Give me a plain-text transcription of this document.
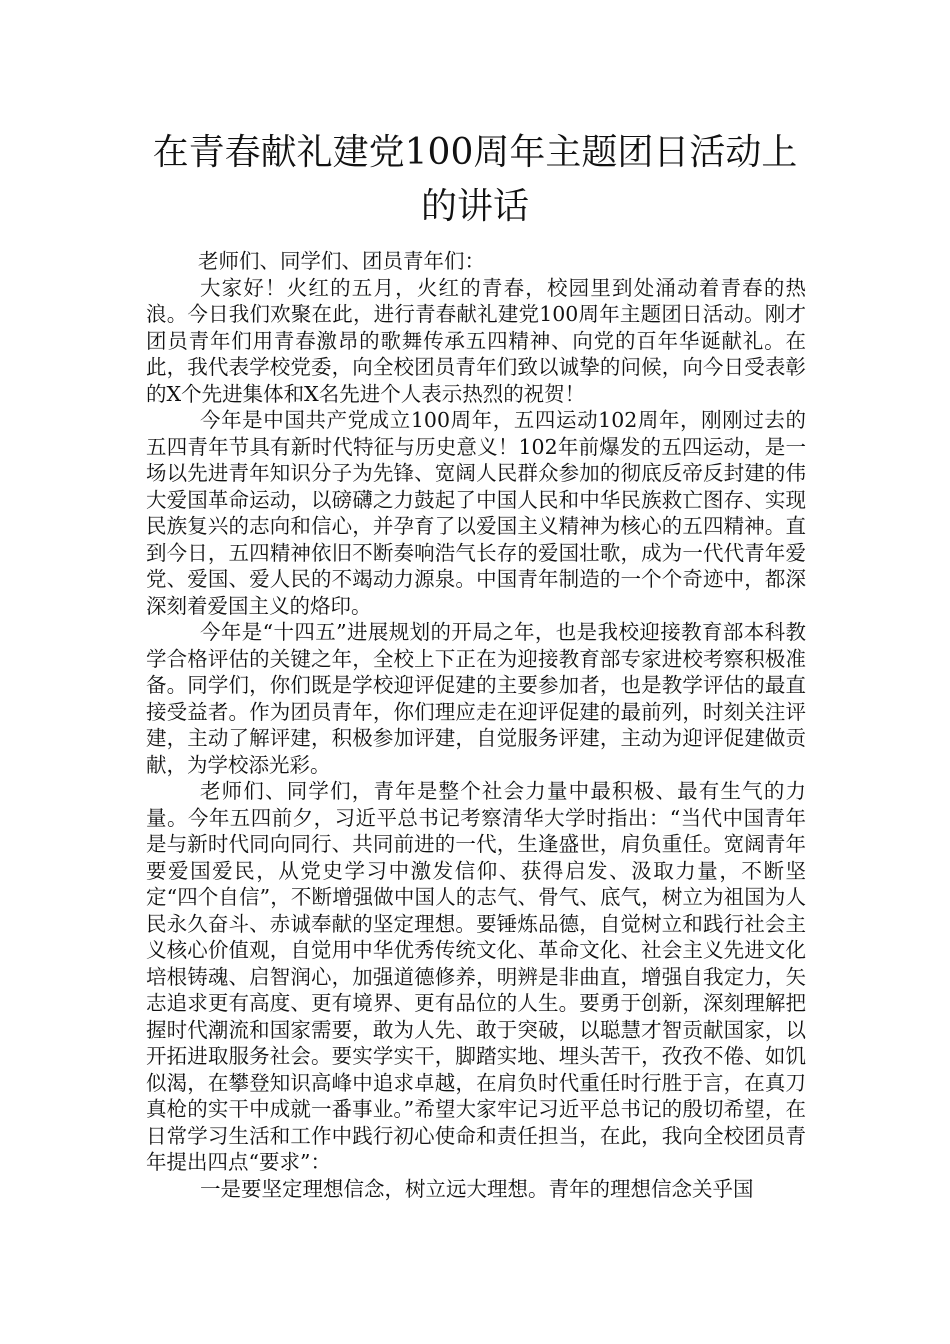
在青春献礼建党100周年主题团日活动上的讲话

老师们、同学们、团员青年们：

大家好！火红的五月，火红的青春，校园里到处涌动着青春的热浪。今日我们欢聚在此，进行青春献礼建党100周年主题团日活动。刚才团员青年们用青春激昂的歌舞传承五四精神、向党的百年华诞献礼。在此，我代表学校党委，向全校团员青年们致以诚挚的问候，向今日受表彰的X个先进集体和X名先进个人表示热烈的祝贺！

今年是中国共产党成立100周年，五四运动102周年，刚刚过去的五四青年节具有新时代特征与历史意义！102年前爆发的五四运动，是一场以先进青年知识分子为先锋、宽阔人民群众参加的彻底反帝反封建的伟大爱国革命运动，以磅礴之力鼓起了中国人民和中华民族救亡图存、实现民族复兴的志向和信心，并孕育了以爱国主义精神为核心的五四精神。直到今日，五四精神依旧不断奏响浩气长存的爱国壮歌，成为一代代青年爱党、爱国、爱人民的不竭动力源泉。中国青年制造的一个个奇迹中，都深深刻着爱国主义的烙印。

今年是“十四五”进展规划的开局之年，也是我校迎接教育部本科教学合格评估的关键之年，全校上下正在为迎接教育部专家进校考察积极准备。同学们，你们既是学校迎评促建的主要参加者，也是教学评估的最直接受益者。作为团员青年，你们理应走在迎评促建的最前列，时刻关注评建，主动了解评建，积极参加评建，自觉服务评建，主动为迎评促建做贡献，为学校添光彩。

老师们、同学们，青年是整个社会力量中最积极、最有生气的力量。今年五四前夕，习近平总书记考察清华大学时指出：“当代中国青年是与新时代同向同行、共同前进的一代，生逢盛世，肩负重任。宽阔青年要爱国爱民，从党史学习中激发信仰、获得启发、汲取力量，不断坚定“四个自信”，不断增强做中国人的志气、骨气、底气，树立为祖国为人民永久奋斗、赤诚奉献的坚定理想。要锤炼品德，自觉树立和践行社会主义核心价值观，自觉用中华优秀传统文化、革命文化、社会主义先进文化培根铸魂、启智润心，加强道德修养，明辨是非曲直，增强自我定力，矢志追求更有高度、更有境界、更有品位的人生。要勇于创新，深刻理解把握时代潮流和国家需要，敢为人先、敢于突破，以聪慧才智贡献国家，以开拓进取服务社会。要实学实干，脚踏实地、埋头苦干，孜孜不倦、如饥似渴，在攀登知识高峰中追求卓越，在肩负时代重任时行胜于言，在真刀真枪的实干中成就一番事业。”希望大家牢记习近平总书记的殷切希望，在日常学习生活和工作中践行初心使命和责任担当，在此，我向全校团员青年提出四点“要求”：

一是要坚定理想信念，树立远大理想。青年的理想信念关乎国
